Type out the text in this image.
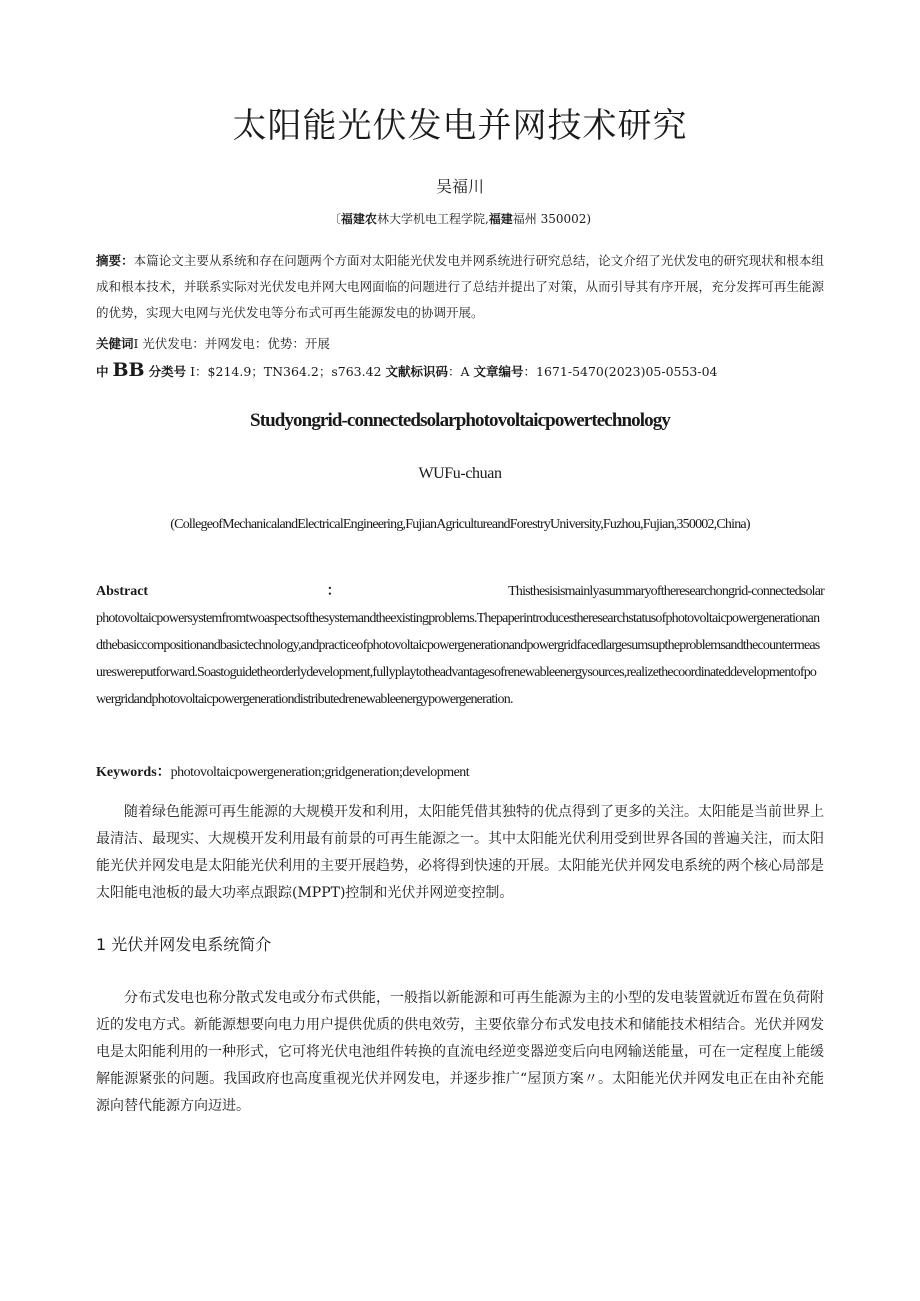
太阳能光伏发电并网技术研究
吴福川
〔福建农林大学机电工程学院,福建福州 350002)
摘要：本篇论文主要从系统和存在问题两个方面对太阳能光伏发电并网系统进行研究总结，论文介绍了光伏发电的研究现状和根本组成和根本技术，并联系实际对光伏发电并网大电网面临的问题进行了总结并提出了对策，从而引导其有序开展，充分发挥可再生能源的优势，实现大电网与光伏发电等分布式可再生能源发电的协调开展。
关健词I 光伏发电：并网发电：优势：开展
中 BB 分类号 I：$214.9；TN364.2；s763.42 文献标识码：A 文章编号：1671-5470(2023)05-0553-04
Studyongrid-connectedsolarphotovoltaicpowertechnology
WUFu-chuan
(CollegeofMechanicalandElectricalEngineering,FujianAgricultureandForestryUniversity,Fuzhou,Fujian,350002,China)
Abstract	：	Thisthesisismainlyasummaryoftheresearchongrid-connectedsolarphotovoltaicpowersystemfromtwoaspectsofthesystemandtheexistingproblems.Thepaperintroducestheresearchstatusofphotovoltaicpowergenerationandthebasiccompositionandbasictechnology,andpracticeofphotovoltaicpowergenerationandpowergridfacedlargesumsuptheproblemsandthecountermeasureswereputforward.Soastoguidetheorderlydevelopment,fullyplaytotheadvantagesofrenewableenergysources,realizethecoordinateddevelopmentofpowergridandphotovoltaicpowergenerationdistributedrenewableenergypowergeneration.
Keywords：photovoltaicpowergeneration;gridgeneration;development
随着绿色能源可再生能源的大规模开发和利用，太阳能凭借其独特的优点得到了更多的关注。太阳能是当前世界上最清洁、最现实、大规模开发利用最有前景的可再生能源之一。其中太阳能光伏利用受到世界各国的普遍关注，而太阳能光伏并网发电是太阳能光伏利用的主要开展趋势，必将得到快速的开展。太阳能光伏并网发电系统的两个核心局部是太阳能电池板的最大功率点跟踪(MPPT)控制和光伏并网逆变控制。
1 光伏并网发电系统简介
分布式发电也称分散式发电或分布式供能，一般指以新能源和可再生能源为主的小型的发电装置就近布置在负荷附近的发电方式。新能源想要向电力用户提供优质的供电效劳，主要依靠分布式发电技术和储能技术相结合。光伏并网发电是太阳能利用的一种形式，它可将光伏电池组件转换的直流电经逆变器逆变后向电网输送能量，可在一定程度上能缓解能源紧张的问题。我国政府也高度重视光伏并网发电，并逐步推广“屋顶方案〃。太阳能光伏并网发电正在由补充能源向替代能源方向迈进。
